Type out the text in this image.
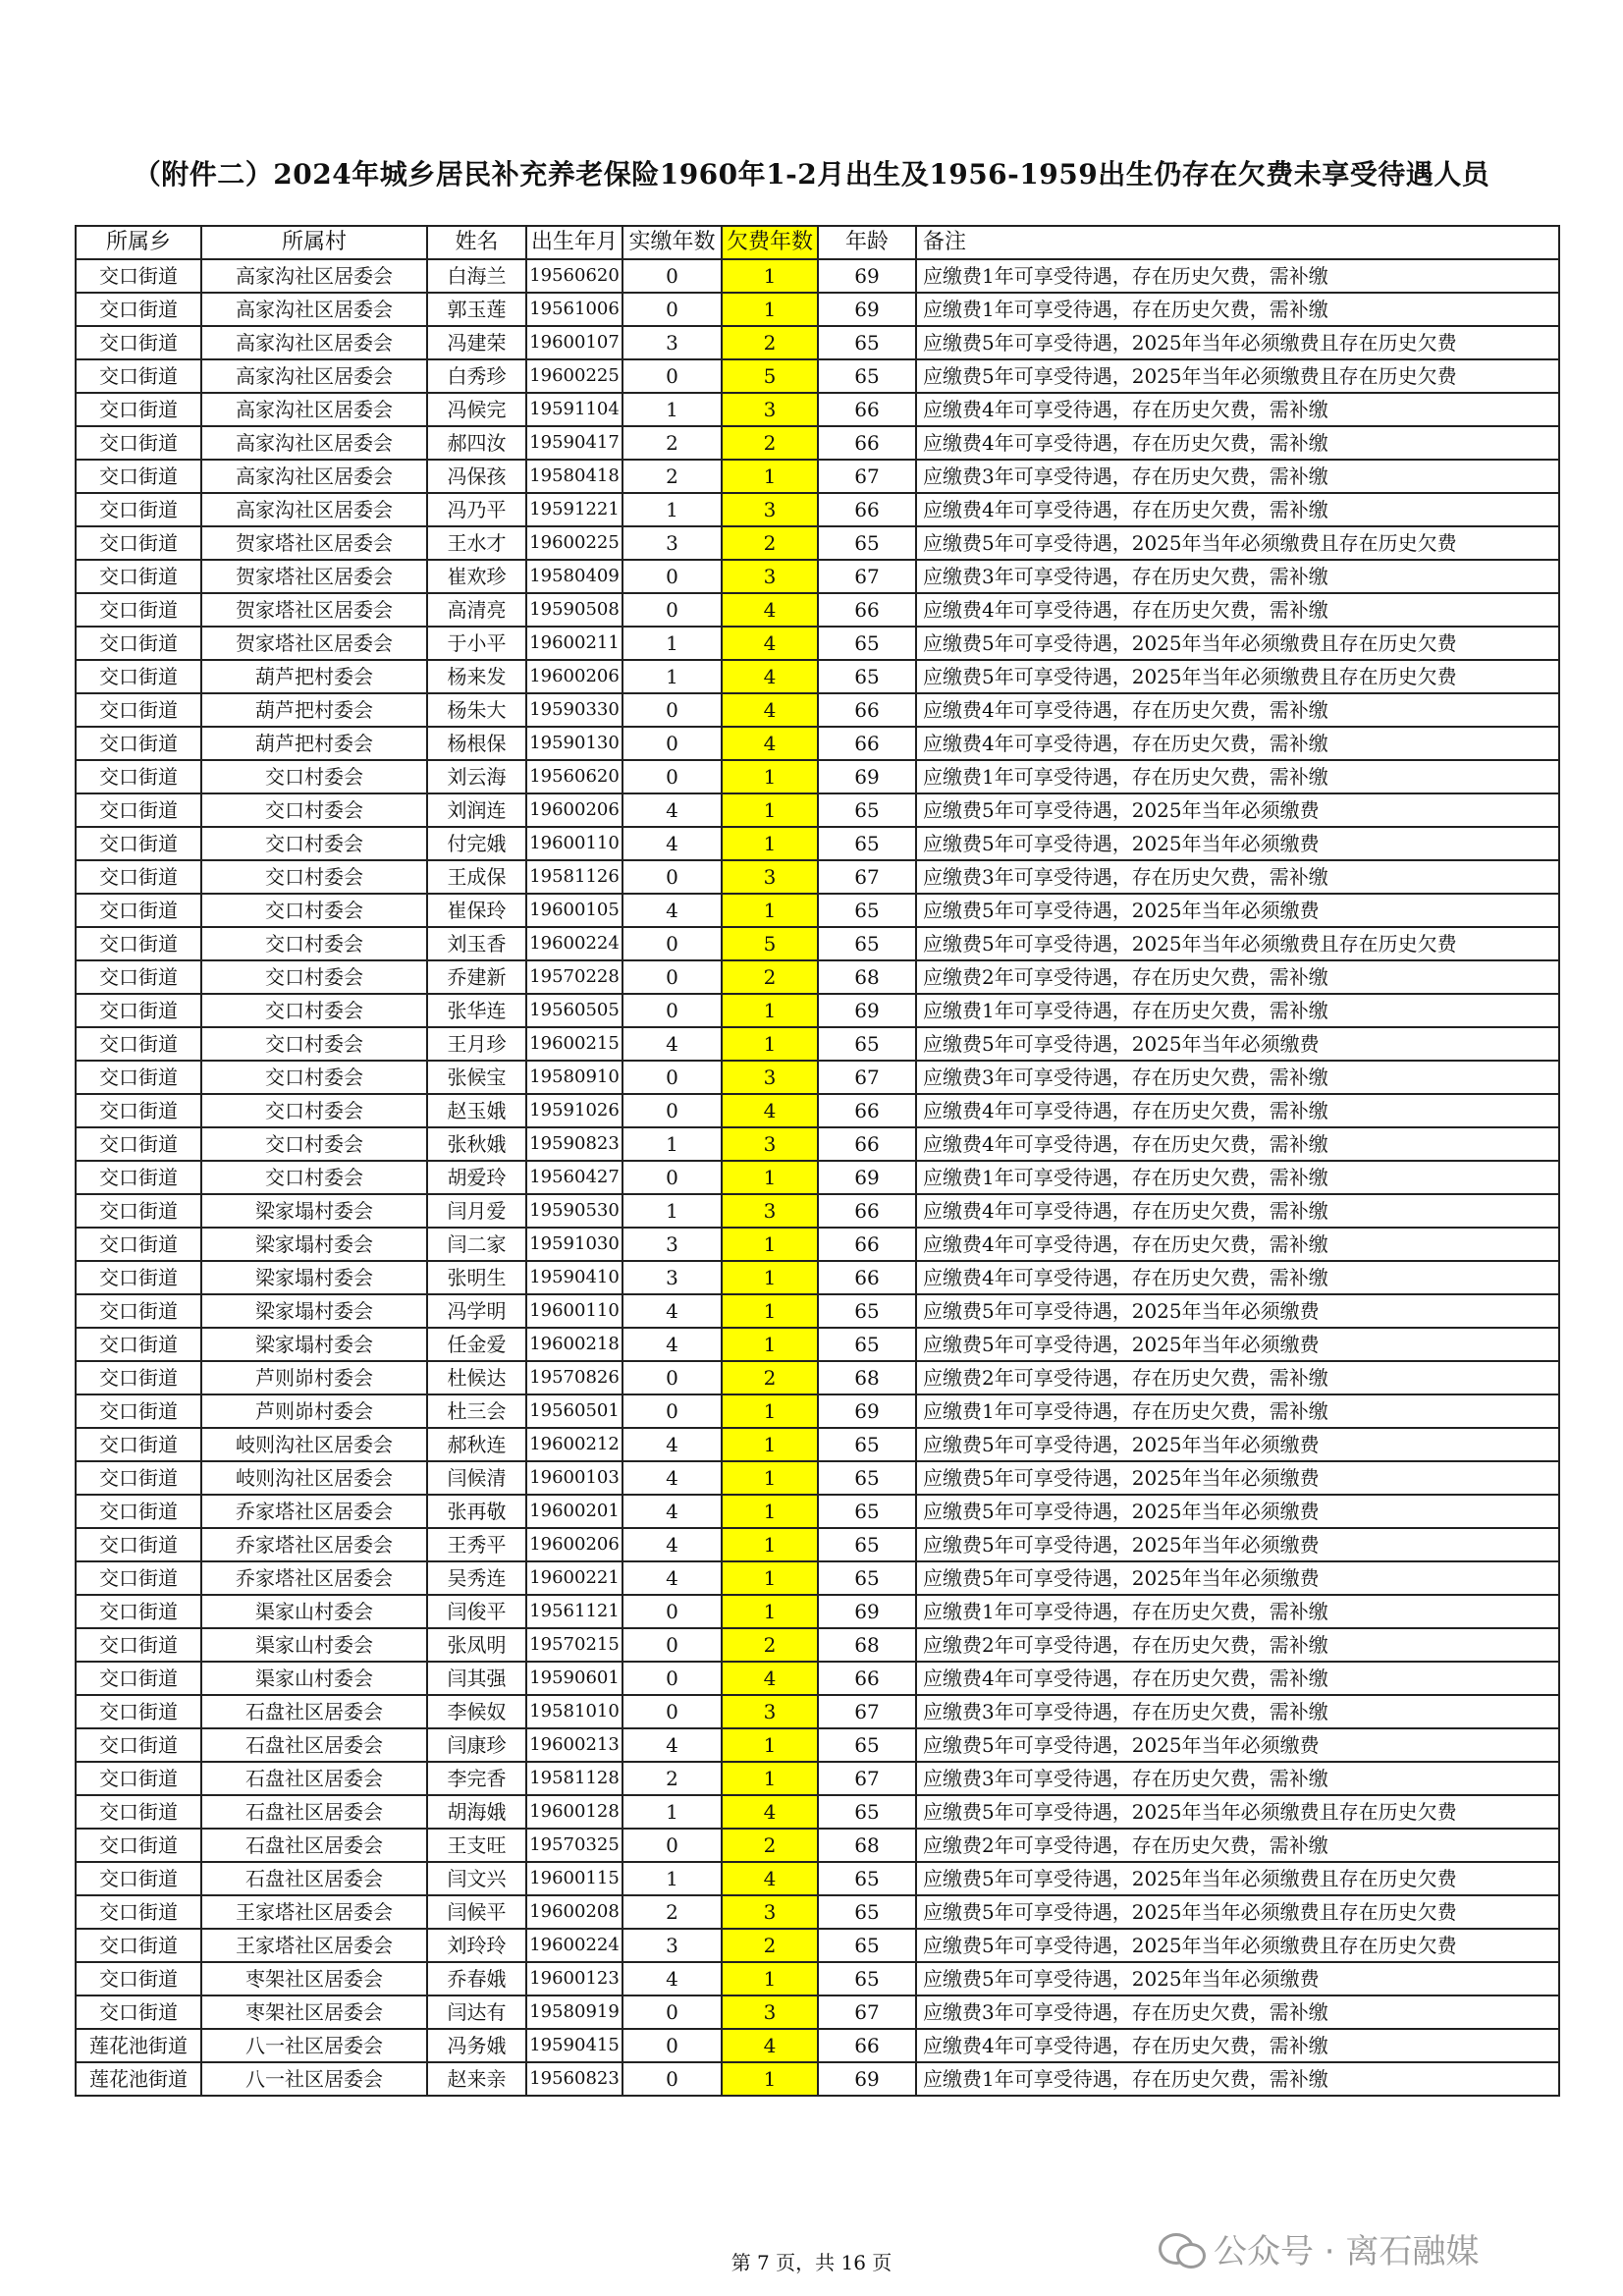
（附件二）2024年城乡居民补充养老保险1960年1-2月出生及1956-1959出生仍存在欠费未享受待遇人员
所属乡	所属村	姓名	出生年月	实缴年数	欠费年数	年龄	备注
交口街道	高家沟社区居委会	白海兰	19560620	0	1	69	应缴费1年可享受待遇，存在历史欠费，需补缴
交口街道	高家沟社区居委会	郭玉莲	19561006	0	1	69	应缴费1年可享受待遇，存在历史欠费，需补缴
交口街道	高家沟社区居委会	冯建荣	19600107	3	2	65	应缴费5年可享受待遇，2025年当年必须缴费且存在历史欠费
交口街道	高家沟社区居委会	白秀珍	19600225	0	5	65	应缴费5年可享受待遇，2025年当年必须缴费且存在历史欠费
交口街道	高家沟社区居委会	冯候完	19591104	1	3	66	应缴费4年可享受待遇，存在历史欠费，需补缴
交口街道	高家沟社区居委会	郝四汝	19590417	2	2	66	应缴费4年可享受待遇，存在历史欠费，需补缴
交口街道	高家沟社区居委会	冯保孩	19580418	2	1	67	应缴费3年可享受待遇，存在历史欠费，需补缴
交口街道	高家沟社区居委会	冯乃平	19591221	1	3	66	应缴费4年可享受待遇，存在历史欠费，需补缴
交口街道	贺家塔社区居委会	王水才	19600225	3	2	65	应缴费5年可享受待遇，2025年当年必须缴费且存在历史欠费
交口街道	贺家塔社区居委会	崔欢珍	19580409	0	3	67	应缴费3年可享受待遇，存在历史欠费，需补缴
交口街道	贺家塔社区居委会	高清亮	19590508	0	4	66	应缴费4年可享受待遇，存在历史欠费，需补缴
交口街道	贺家塔社区居委会	于小平	19600211	1	4	65	应缴费5年可享受待遇，2025年当年必须缴费且存在历史欠费
交口街道	葫芦把村委会	杨来发	19600206	1	4	65	应缴费5年可享受待遇，2025年当年必须缴费且存在历史欠费
交口街道	葫芦把村委会	杨朱大	19590330	0	4	66	应缴费4年可享受待遇，存在历史欠费，需补缴
交口街道	葫芦把村委会	杨根保	19590130	0	4	66	应缴费4年可享受待遇，存在历史欠费，需补缴
交口街道	交口村委会	刘云海	19560620	0	1	69	应缴费1年可享受待遇，存在历史欠费，需补缴
交口街道	交口村委会	刘润连	19600206	4	1	65	应缴费5年可享受待遇，2025年当年必须缴费
交口街道	交口村委会	付完娥	19600110	4	1	65	应缴费5年可享受待遇，2025年当年必须缴费
交口街道	交口村委会	王成保	19581126	0	3	67	应缴费3年可享受待遇，存在历史欠费，需补缴
交口街道	交口村委会	崔保玲	19600105	4	1	65	应缴费5年可享受待遇，2025年当年必须缴费
交口街道	交口村委会	刘玉香	19600224	0	5	65	应缴费5年可享受待遇，2025年当年必须缴费且存在历史欠费
交口街道	交口村委会	乔建新	19570228	0	2	68	应缴费2年可享受待遇，存在历史欠费，需补缴
交口街道	交口村委会	张华连	19560505	0	1	69	应缴费1年可享受待遇，存在历史欠费，需补缴
交口街道	交口村委会	王月珍	19600215	4	1	65	应缴费5年可享受待遇，2025年当年必须缴费
交口街道	交口村委会	张候宝	19580910	0	3	67	应缴费3年可享受待遇，存在历史欠费，需补缴
交口街道	交口村委会	赵玉娥	19591026	0	4	66	应缴费4年可享受待遇，存在历史欠费，需补缴
交口街道	交口村委会	张秋娥	19590823	1	3	66	应缴费4年可享受待遇，存在历史欠费，需补缴
交口街道	交口村委会	胡爱玲	19560427	0	1	69	应缴费1年可享受待遇，存在历史欠费，需补缴
交口街道	梁家塌村委会	闫月爱	19590530	1	3	66	应缴费4年可享受待遇，存在历史欠费，需补缴
交口街道	梁家塌村委会	闫二家	19591030	3	1	66	应缴费4年可享受待遇，存在历史欠费，需补缴
交口街道	梁家塌村委会	张明生	19590410	3	1	66	应缴费4年可享受待遇，存在历史欠费，需补缴
交口街道	梁家塌村委会	冯学明	19600110	4	1	65	应缴费5年可享受待遇，2025年当年必须缴费
交口街道	梁家塌村委会	任金爱	19600218	4	1	65	应缴费5年可享受待遇，2025年当年必须缴费
交口街道	芦则峁村委会	杜候达	19570826	0	2	68	应缴费2年可享受待遇，存在历史欠费，需补缴
交口街道	芦则峁村委会	杜三会	19560501	0	1	69	应缴费1年可享受待遇，存在历史欠费，需补缴
交口街道	岐则沟社区居委会	郝秋连	19600212	4	1	65	应缴费5年可享受待遇，2025年当年必须缴费
交口街道	岐则沟社区居委会	闫候清	19600103	4	1	65	应缴费5年可享受待遇，2025年当年必须缴费
交口街道	乔家塔社区居委会	张再敬	19600201	4	1	65	应缴费5年可享受待遇，2025年当年必须缴费
交口街道	乔家塔社区居委会	王秀平	19600206	4	1	65	应缴费5年可享受待遇，2025年当年必须缴费
交口街道	乔家塔社区居委会	吴秀连	19600221	4	1	65	应缴费5年可享受待遇，2025年当年必须缴费
交口街道	渠家山村委会	闫俊平	19561121	0	1	69	应缴费1年可享受待遇，存在历史欠费，需补缴
交口街道	渠家山村委会	张凤明	19570215	0	2	68	应缴费2年可享受待遇，存在历史欠费，需补缴
交口街道	渠家山村委会	闫其强	19590601	0	4	66	应缴费4年可享受待遇，存在历史欠费，需补缴
交口街道	石盘社区居委会	李候奴	19581010	0	3	67	应缴费3年可享受待遇，存在历史欠费，需补缴
交口街道	石盘社区居委会	闫康珍	19600213	4	1	65	应缴费5年可享受待遇，2025年当年必须缴费
交口街道	石盘社区居委会	李完香	19581128	2	1	67	应缴费3年可享受待遇，存在历史欠费，需补缴
交口街道	石盘社区居委会	胡海娥	19600128	1	4	65	应缴费5年可享受待遇，2025年当年必须缴费且存在历史欠费
交口街道	石盘社区居委会	王支旺	19570325	0	2	68	应缴费2年可享受待遇，存在历史欠费，需补缴
交口街道	石盘社区居委会	闫文兴	19600115	1	4	65	应缴费5年可享受待遇，2025年当年必须缴费且存在历史欠费
交口街道	王家塔社区居委会	闫候平	19600208	2	3	65	应缴费5年可享受待遇，2025年当年必须缴费且存在历史欠费
交口街道	王家塔社区居委会	刘玲玲	19600224	3	2	65	应缴费5年可享受待遇，2025年当年必须缴费且存在历史欠费
交口街道	枣架社区居委会	乔春娥	19600123	4	1	65	应缴费5年可享受待遇，2025年当年必须缴费
交口街道	枣架社区居委会	闫达有	19580919	0	3	67	应缴费3年可享受待遇，存在历史欠费，需补缴
莲花池街道	八一社区居委会	冯务娥	19590415	0	4	66	应缴费4年可享受待遇，存在历史欠费，需补缴
莲花池街道	八一社区居委会	赵来亲	19560823	0	1	69	应缴费1年可享受待遇，存在历史欠费，需补缴
第 7 页，共 16 页	公众号 · 离石融媒
